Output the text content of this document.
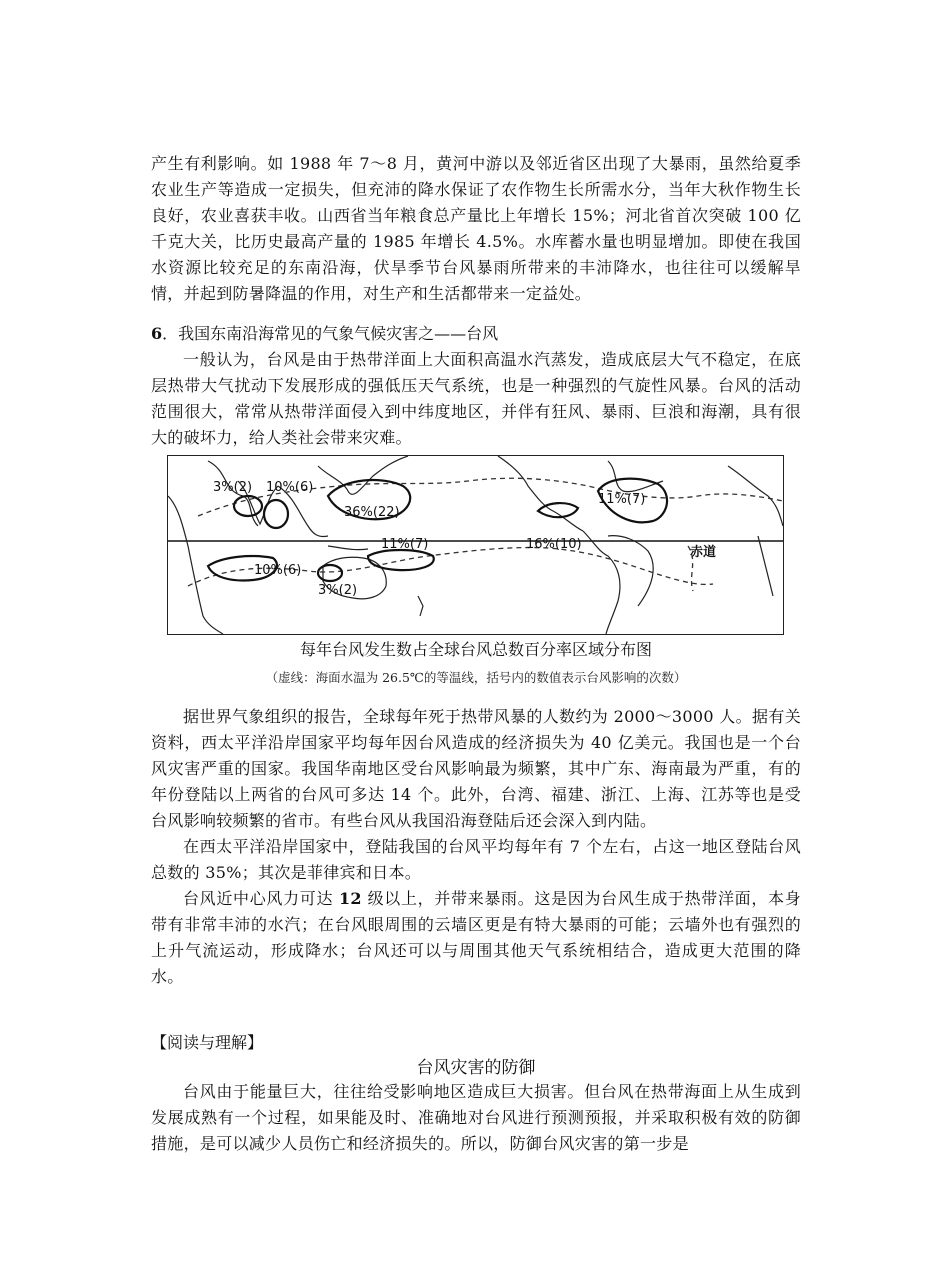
产生有利影响。如 1988 年 7～8 月，黄河中游以及邻近省区出现了大暴雨，虽然给夏季农业生产等造成一定损失，但充沛的降水保证了农作物生长所需水分，当年大秋作物生长良好，农业喜获丰收。山西省当年粮食总产量比上年增长 15%；河北省首次突破 100 亿千克大关，比历史最高产量的 1985 年增长 4.5%。水库蓄水量也明显增加。即使在我国水资源比较充足的东南沿海，伏旱季节台风暴雨所带来的丰沛降水，也往往可以缓解旱情，并起到防暑降温的作用，对生产和生活都带来一定益处。

6．我国东南沿海常见的气象气候灾害之——台风

一般认为，台风是由于热带洋面上大面积高温水汽蒸发，造成底层大气不稳定，在底层热带大气扰动下发展形成的强低压天气系统，也是一种强烈的气旋性风暴。台风的活动范围很大，常常从热带洋面侵入到中纬度地区，并伴有狂风、暴雨、巨浪和海潮，具有很大的破坏力，给人类社会带来灾难。

3%(2) 10%(6)
36%(22)
11%(7)	16%(10)
11%(7)
10%(6)
3%(2)
赤道
每年台风发生数占全球台风总数百分率区域分布图
（虚线：海面水温为 26.5℃的等温线，括号内的数值表示台风影响的次数）

据世界气象组织的报告，全球每年死于热带风暴的人数约为 2000～3000 人。据有关资料，西太平洋沿岸国家平均每年因台风造成的经济损失为 40 亿美元。我国也是一个台风灾害严重的国家。我国华南地区受台风影响最为频繁，其中广东、海南最为严重，有的年份登陆以上两省的台风可多达 14 个。此外，台湾、福建、浙江、上海、江苏等也是受台风影响较频繁的省市。有些台风从我国沿海登陆后还会深入到内陆。

在西太平洋沿岸国家中，登陆我国的台风平均每年有 7 个左右，占这一地区登陆台风总数的 35%；其次是菲律宾和日本。

台风近中心风力可达 12 级以上，并带来暴雨。这是因为台风生成于热带洋面，本身带有非常丰沛的水汽；在台风眼周围的云墙区更是有特大暴雨的可能；云墙外也有强烈的上升气流运动，形成降水；台风还可以与周围其他天气系统相结合，造成更大范围的降水。

【阅读与理解】
台风灾害的防御

台风由于能量巨大，往往给受影响地区造成巨大损害。但台风在热带海面上从生成到发展成熟有一个过程，如果能及时、准确地对台风进行预测预报，并采取积极有效的防御措施，是可以减少人员伤亡和经济损失的。所以，防御台风灾害的第一步是
